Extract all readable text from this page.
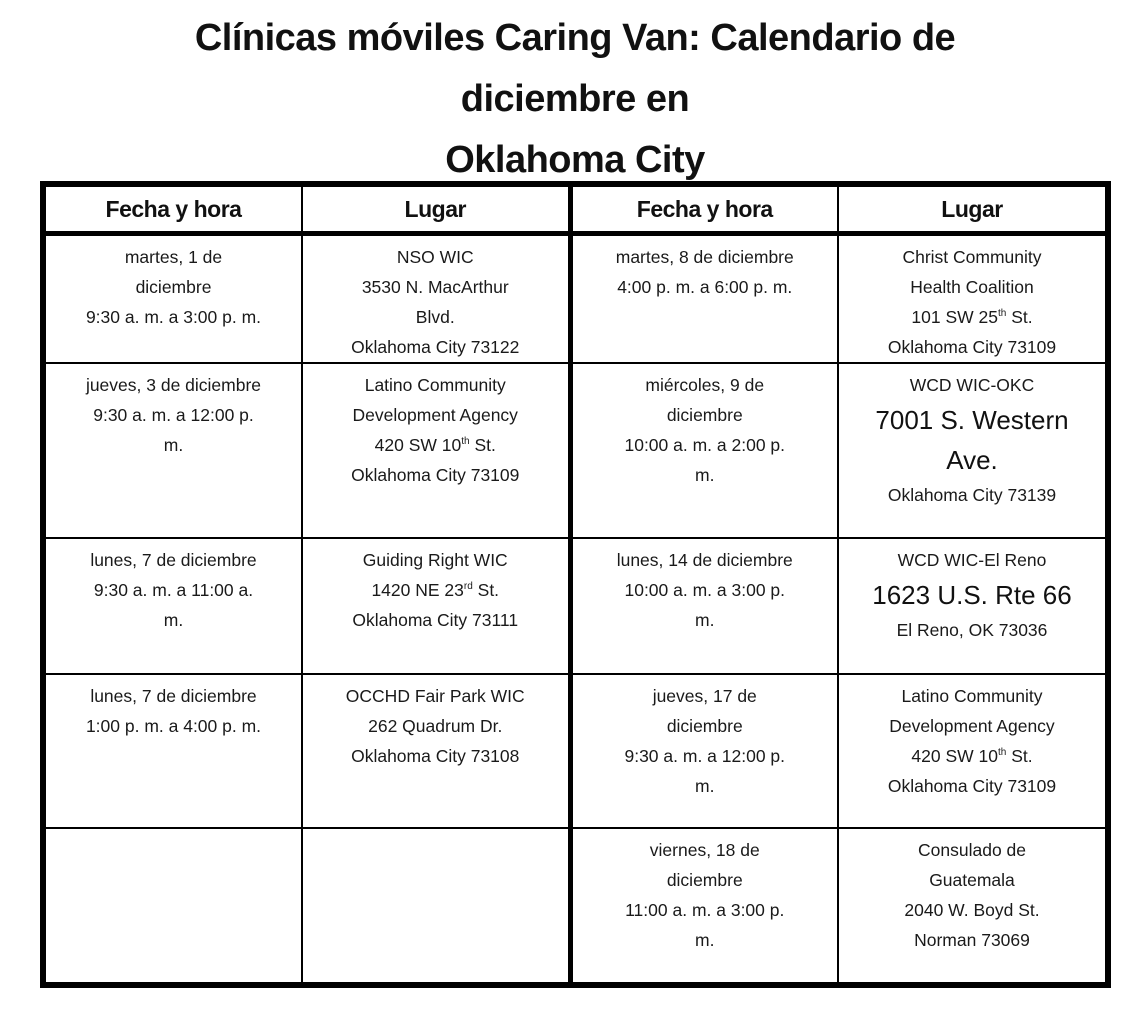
Clínicas móviles Caring Van: Calendario de
diciembre en
Oklahoma City
Fecha y hora	Lugar	Fecha y hora	Lugar

martes, 1 de
diciembre
9:30 a. m. a 3:00 p. m.	NSO WIC
3530 N. MacArthur
Blvd.
Oklahoma City 73122	martes, 8 de diciembre
4:00 p. m. a 6:00 p. m.	Christ Community
Health Coalition
101 SW 25th St.
Oklahoma City 73109

jueves, 3 de diciembre
9:30 a. m. a 12:00 p.
m.	Latino Community
Development Agency
420 SW 10th St.
Oklahoma City 73109	miércoles, 9 de
diciembre
10:00 a. m. a 2:00 p.
m.	WCD WIC-OKC
7001 S. Western
Ave.
Oklahoma City 73139

lunes, 7 de diciembre
9:30 a. m. a 11:00 a.
m.	Guiding Right WIC
1420 NE 23rd St.
Oklahoma City 73111	lunes, 14 de diciembre
10:00 a. m. a 3:00 p.
m.	WCD WIC-El Reno
1623 U.S. Rte 66
El Reno, OK 73036

lunes, 7 de diciembre
1:00 p. m. a 4:00 p. m.	OCCHD Fair Park WIC
262 Quadrum Dr.
Oklahoma City 73108	jueves, 17 de
diciembre
9:30 a. m. a 12:00 p.
m.	Latino Community
Development Agency
420 SW 10th St.
Oklahoma City 73109

		viernes, 18 de
diciembre
11:00 a. m. a 3:00 p.
m.	Consulado de
Guatemala
2040 W. Boyd St.
Norman 73069
